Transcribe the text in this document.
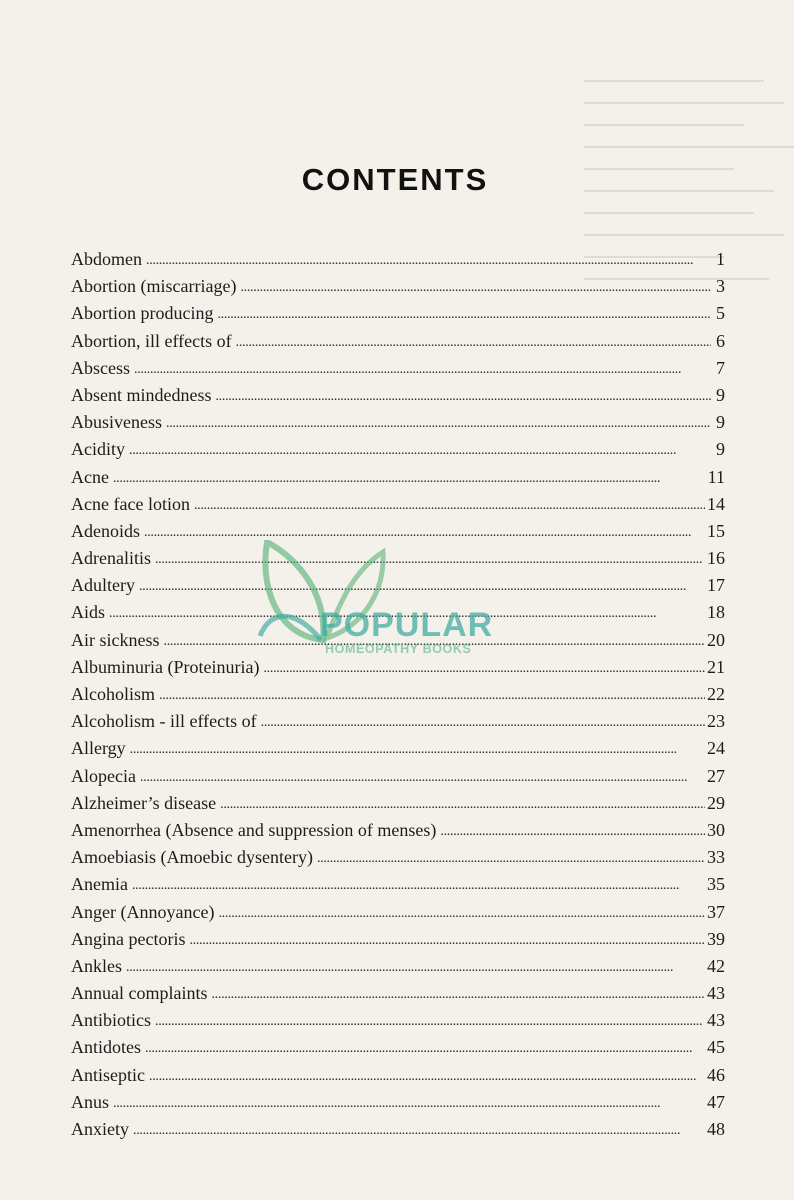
CONTENTS
Abdomen . . .	1
Abortion (miscarriage) . . .	3
Abortion producing . . .	5
Abortion, ill effects of . . .	6
Abscess . . .	7
Absent mindedness . . .	9
Abusiveness . . .	9
Acidity . . .	9
Acne . . .	11
Acne face lotion . . .	14
Adenoids . . .	15
Adrenalitis . . .	16
Adultery . . .	17
Aids . . .	18
Air sickness . . .	20
Albuminuria (Proteinuria) . . .	21
Alcoholism . . .	22
Alcoholism - ill effects of . . .	23
Allergy . . .	24
Alopecia . . .	27
Alzheimer’s disease . . .	29
Amenorrhea (Absence and suppression of menses) . . .	30
Amoebiasis (Amoebic dysentery) . . .	33
Anemia . . .	35
Anger (Annoyance) . . .	37
Angina pectoris . . .	39
Ankles . . .	42
Annual complaints . . .	43
Antibiotics . . .	43
Antidotes . . .	45
Antiseptic . . .	46
Anus . . .	47
Anxiety . . .	48
POPULAR
HOMEOPATHY BOOKS
